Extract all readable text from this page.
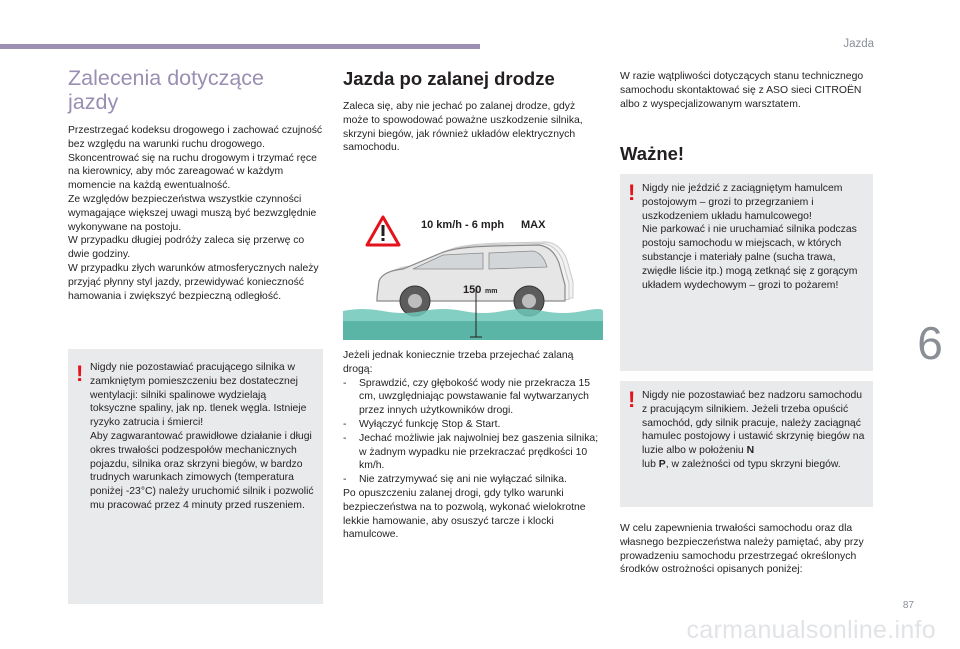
Jazda
Zalecenia dotyczące jazdy

Przestrzegać kodeksu drogowego i zachować czujność bez względu na warunki ruchu drogowego.

Skoncentrować się na ruchu drogowym i trzymać ręce na kierownicy, aby móc zareagować w każdym momencie na każdą ewentualność.

Ze względów bezpieczeństwa wszystkie czynności wymagające większej uwagi muszą być bezwzględnie wykonywane na postoju.

W przypadku długiej podróży zaleca się przerwę co dwie godziny.

W przypadku złych warunków atmosferycznych należy przyjąć płynny styl jazdy, przewidywać konieczność hamowania i zwiększyć bezpieczną odległość.

! Nigdy nie pozostawiać pracującego silnika w zamkniętym pomieszczeniu bez dostatecznej wentylacji: silniki spalinowe wydzielają toksyczne spaliny, jak np. tlenek węgla. Istnieje ryzyko zatrucia i śmierci!

Aby zagwarantować prawidłowe działanie i długi okres trwałości podzespołów mechanicznych pojazdu, silnika oraz skrzyni biegów, w bardzo trudnych warunkach zimowych (temperatura poniżej -23°C) należy uruchomić silnik i pozwolić mu pracować przez 4 minuty przed ruszeniem.

Jazda po zalanej drodze

Zaleca się, aby nie jechać po zalanej drodze, gdyż może to spowodować poważne uszkodzenie silnika, skrzyni biegów, jak również układów elektrycznych samochodu.

10 km/h - 6 mph MAX
150 mm

Jeżeli jednak koniecznie trzeba przejechać zalaną drogą:

-	Sprawdzić, czy głębokość wody nie przekracza 15 cm, uwzględniając powstawanie fal wytwarzanych przez innych użytkowników drogi.
-	Wyłączyć funkcję Stop & Start.
-	Jechać możliwie jak najwolniej bez gaszenia silnika; w żadnym wypadku nie przekraczać prędkości 10 km/h.
-	Nie zatrzymywać się ani nie wyłączać silnika.

Po opuszczeniu zalanej drogi, gdy tylko warunki bezpieczeństwa na to pozwolą, wykonać wielokrotne lekkie hamowanie, aby osuszyć tarcze i klocki hamulcowe.

W razie wątpliwości dotyczących stanu technicznego samochodu skontaktować się z ASO sieci CITROËN albo z wyspecjalizowanym warsztatem.

Ważne!
! Nigdy nie jeździć z zaciągniętym hamulcem postojowym – grozi to przegrzaniem i uszkodzeniem układu hamulcowego!

Nie parkować i nie uruchamiać silnika podczas postoju samochodu w miejscach, w których substancje i materiały palne (sucha trawa, zwiędłe liście itp.) mogą zetknąć się z gorącym układem wydechowym – grozi to pożarem!

! Nigdy nie pozostawiać bez nadzoru samochodu z pracującym silnikiem. Jeżeli trzeba opuścić samochód, gdy silnik pracuje, należy zaciągnąć hamulec postojowy i ustawić skrzynię biegów na luzie albo w położeniu N
lub P, w zależności od typu skrzyni biegów.

W celu zapewnienia trwałości samochodu oraz dla własnego bezpieczeństwa należy pamiętać, aby przy prowadzeniu samochodu przestrzegać określonych środków ostrożności opisanych poniżej:

6
87
carmanualsonline.info
